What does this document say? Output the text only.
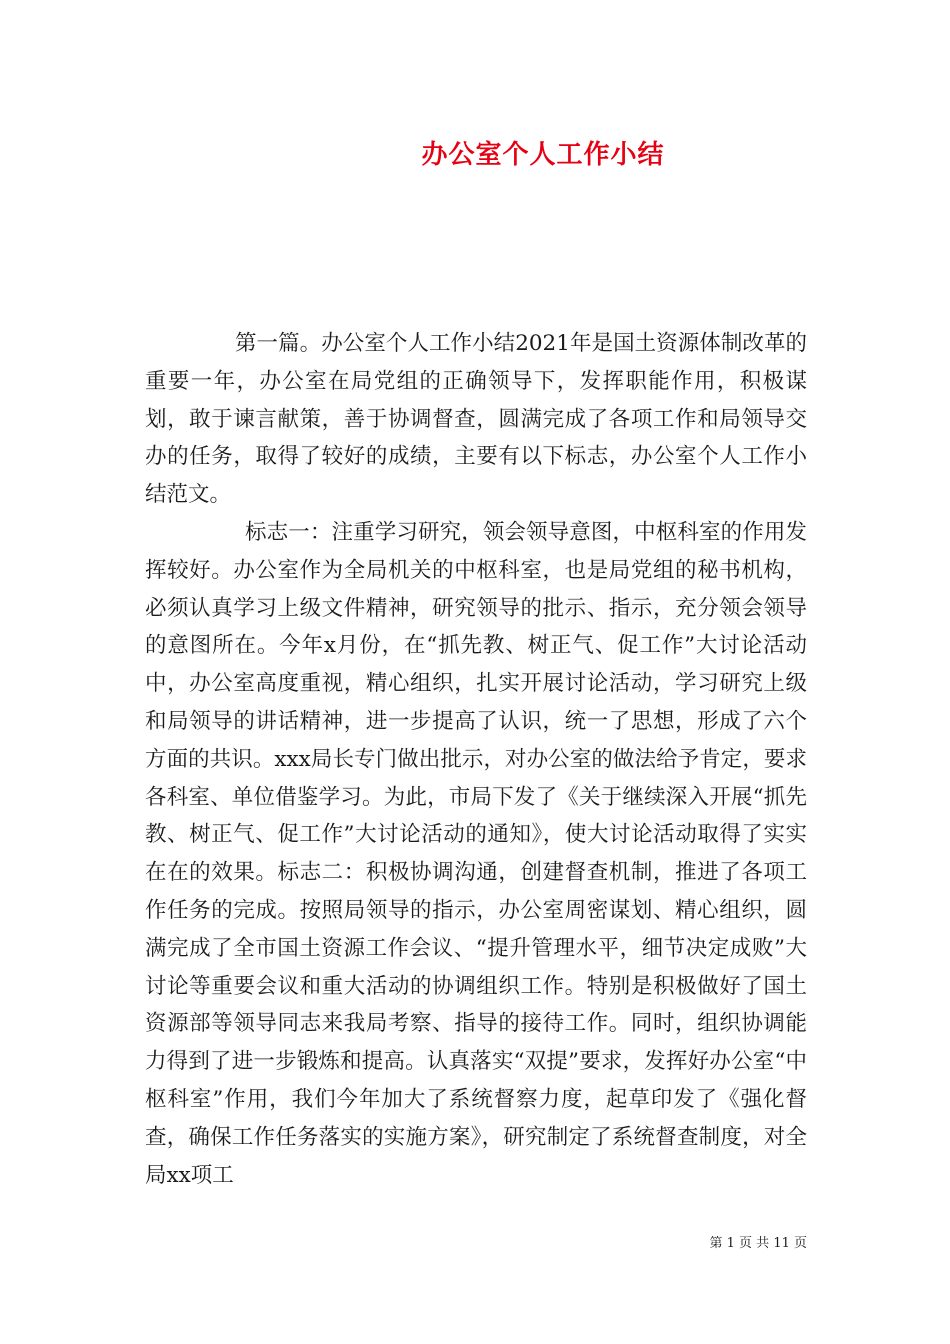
办公室个人工作小结

第一篇。办公室个人工作小结2021年是国土资源体制改革的重要一年，办公室在局党组的正确领导下，发挥职能作用，积极谋划，敢于谏言献策，善于协调督查，圆满完成了各项工作和局领导交办的任务，取得了较好的成绩，主要有以下标志，办公室个人工作小结范文。

标志一：注重学习研究，领会领导意图，中枢科室的作用发挥较好。办公室作为全局机关的中枢科室，也是局党组的秘书机构，必须认真学习上级文件精神，研究领导的批示、指示，充分领会领导的意图所在。今年x月份，在“抓先教、树正气、促工作”大讨论活动中，办公室高度重视，精心组织，扎实开展讨论活动，学习研究上级和局领导的讲话精神，进一步提高了认识，统一了思想，形成了六个方面的共识。xxx局长专门做出批示，对办公室的做法给予肯定，要求各科室、单位借鉴学习。为此，市局下发了《关于继续深入开展“抓先教、树正气、促工作”大讨论活动的通知》，使大讨论活动取得了实实在在的效果。标志二：积极协调沟通，创建督查机制，推进了各项工作任务的完成。按照局领导的指示，办公室周密谋划、精心组织，圆满完成了全市国土资源工作会议、“提升管理水平，细节决定成败”大讨论等重要会议和重大活动的协调组织工作。特别是积极做好了国土资源部等领导同志来我局考察、指导的接待工作。同时，组织协调能力得到了进一步锻炼和提高。认真落实“双提”要求，发挥好办公室“中枢科室”作用，我们今年加大了系统督察力度，起草印发了《强化督查，确保工作任务落实的实施方案》，研究制定了系统督查制度，对全局xx项工

第 1 页 共 11 页
